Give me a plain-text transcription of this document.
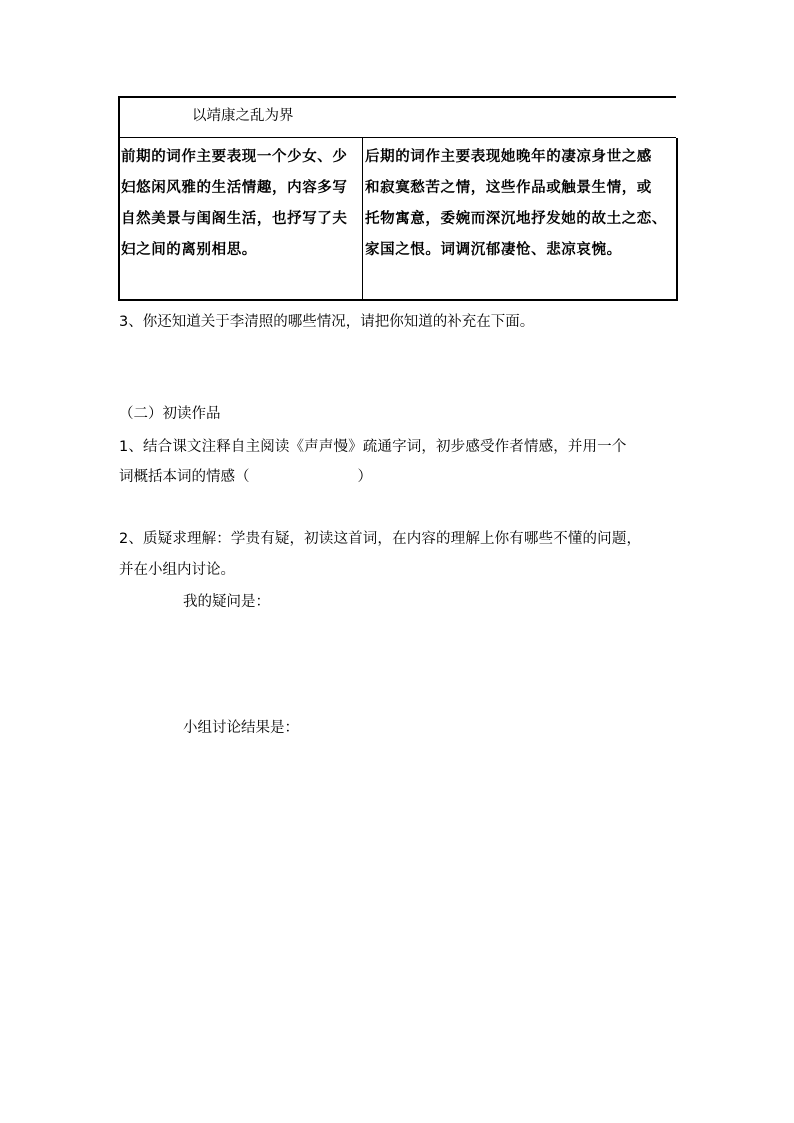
以靖康之乱为界
前期的词作主要表现一个少女、少
妇悠闲风雅的生活情趣，内容多写
自然美景与闺阁生活，也抒写了夫
妇之间的离别相思。
后期的词作主要表现她晚年的凄凉身世之感
和寂寞愁苦之情，这些作品或触景生情，或
托物寓意，委婉而深沉地抒发她的故土之恋、
家国之恨。词调沉郁凄怆、悲凉哀惋。
3、你还知道关于李清照的哪些情况，请把你知道的补充在下面。
（二）初读作品
1、结合课文注释自主阅读《声声慢》疏通字词，初步感受作者情感，并用一个
词概括本词的情感（	）
2、质疑求理解：学贵有疑，初读这首词，在内容的理解上你有哪些不懂的问题，
并在小组内讨论。
我的疑问是：
小组讨论结果是：
